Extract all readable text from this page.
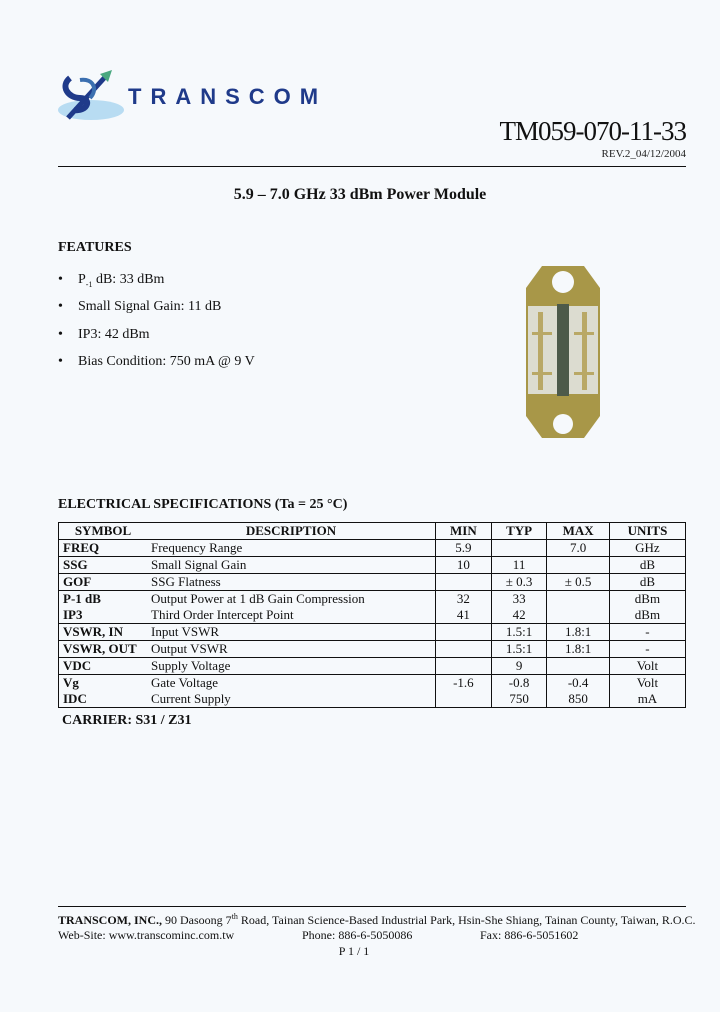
TRANSCOM
TM059-070-11-33
REV.2_04/12/2004
5.9 – 7.0 GHz 33 dBm Power Module
FEATURES
• $P_{-1}$ dB: 33 dBm
• Small Signal Gain: 11 dB
• IP3: 42 dBm
• Bias Condition: 750 mA @ 9 V
ELECTRICAL SPECIFICATIONS (Ta = 25 °C)
SYMBOL	DESCRIPTION	MIN	TYP	MAX	UNITS
FREQ	Frequency Range	5.9		7.0	GHz
SSG	Small Signal Gain	10	11		dB
GOF	SSG Flatness		± 0.3	± 0.5	dB
P-1 dB	Output Power at 1 dB Gain Compression	32	33		dBm
IP3	Third Order Intercept Point	41	42		dBm
VSWR, IN	Input VSWR		1.5:1	1.8:1	-
VSWR, OUT	Output VSWR		1.5:1	1.8:1	-
VDC	Supply Voltage		9		Volt
Vg	Gate Voltage	-1.6	-0.8	-0.4	Volt
IDC	Current Supply		750	850	mA
CARRIER: S31 / Z31
TRANSCOM, INC., 90 Dasoong 7th Road, Tainan Science-Based Industrial Park, Hsin-She Shiang, Tainan County, Taiwan, R.O.C.
Web-Site: www.transcominc.com.tw	Phone: 886-6-5050086	Fax: 886-6-5051602
P 1 / 1
